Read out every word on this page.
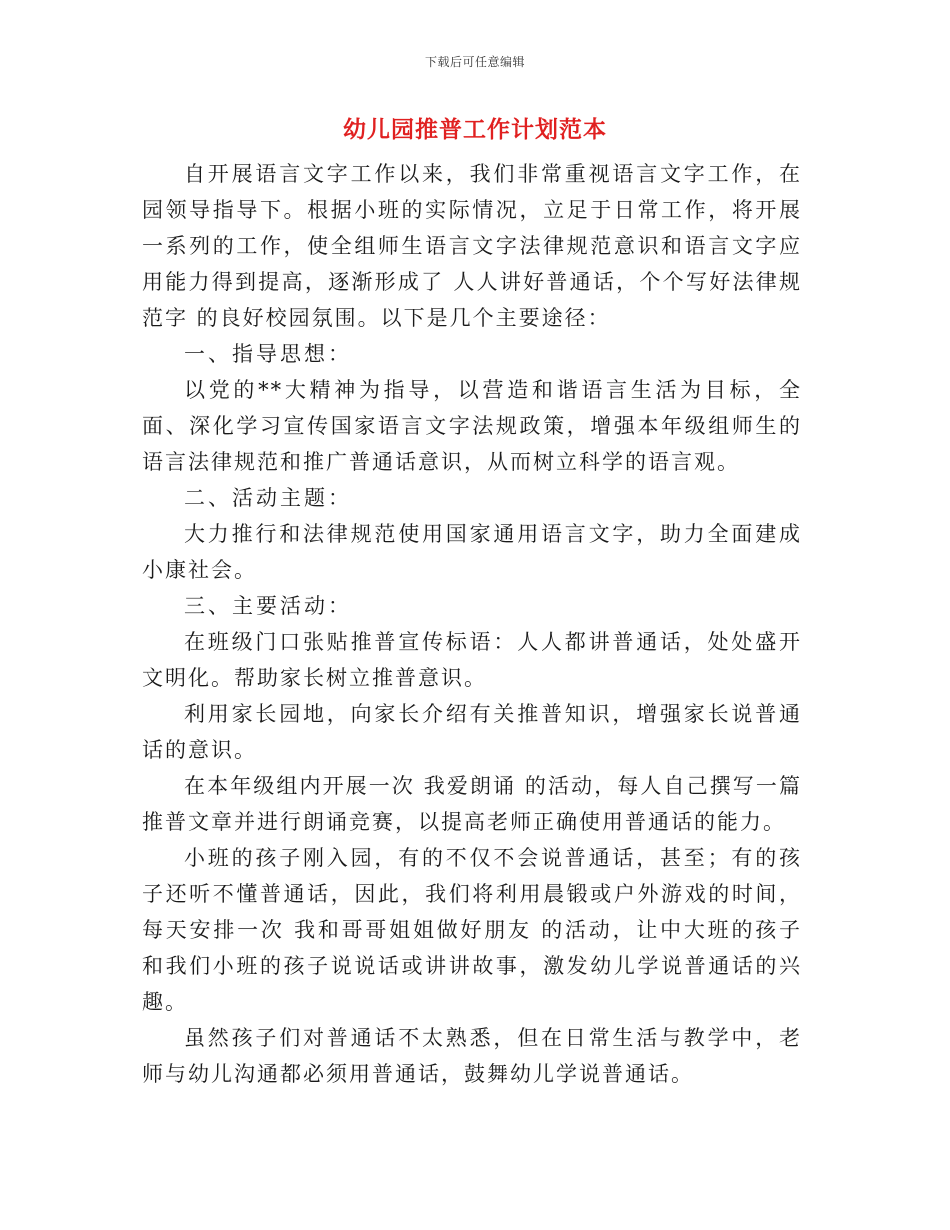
下载后可任意编辑
幼儿园推普工作计划范本

自开展语言文字工作以来，我们非常重视语言文字工作，在园领导指导下。根据小班的实际情况，立足于日常工作，将开展一系列的工作，使全组师生语言文字法律规范意识和语言文字应用能力得到提高，逐渐形成了 人人讲好普通话，个个写好法律规范字 的良好校园氛围。以下是几个主要途径：

一、指导思想：

以党的**大精神为指导，以营造和谐语言生活为目标，全面、深化学习宣传国家语言文字法规政策，增强本年级组师生的语言法律规范和推广普通话意识，从而树立科学的语言观。

二、活动主题：

大力推行和法律规范使用国家通用语言文字，助力全面建成小康社会。

三、主要活动：

在班级门口张贴推普宣传标语：人人都讲普通话，处处盛开文明化。帮助家长树立推普意识。

利用家长园地，向家长介绍有关推普知识，增强家长说普通话的意识。

在本年级组内开展一次 我爱朗诵 的活动，每人自己撰写一篇推普文章并进行朗诵竞赛，以提高老师正确使用普通话的能力。

小班的孩子刚入园，有的不仅不会说普通话，甚至；有的孩子还听不懂普通话，因此，我们将利用晨锻或户外游戏的时间，每天安排一次 我和哥哥姐姐做好朋友 的活动，让中大班的孩子和我们小班的孩子说说话或讲讲故事，激发幼儿学说普通话的兴趣。

虽然孩子们对普通话不太熟悉，但在日常生活与教学中，老师与幼儿沟通都必须用普通话，鼓舞幼儿学说普通话。
